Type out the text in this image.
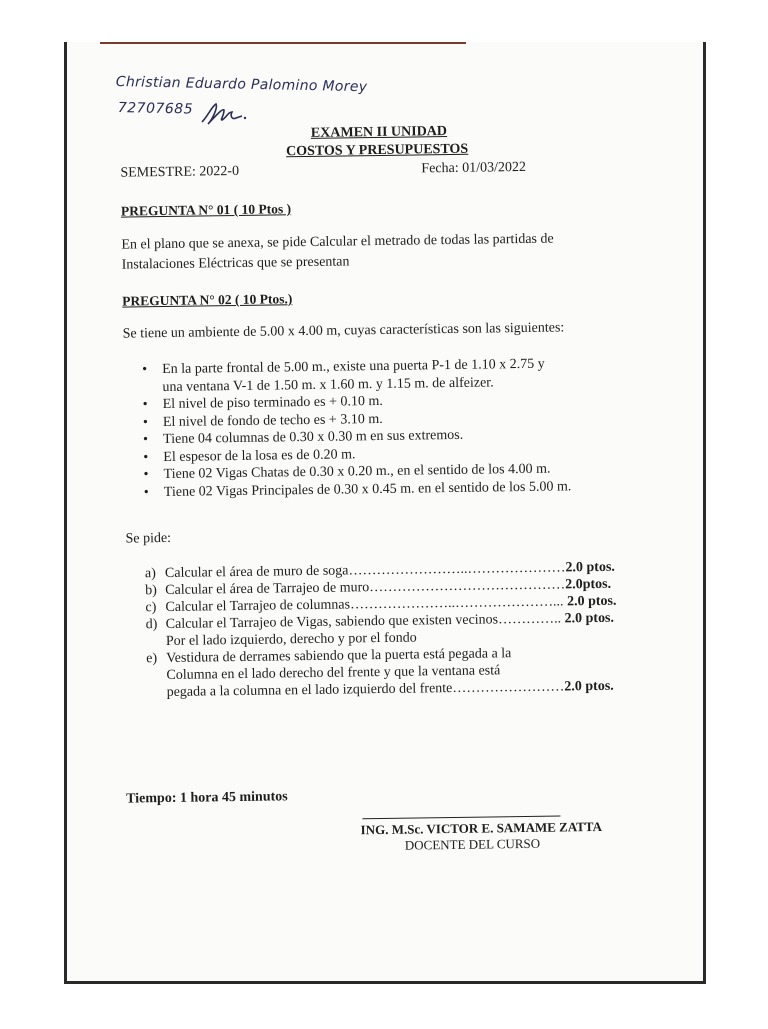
Christian Eduardo Palomino Morey
72707685
EXAMEN II UNIDAD
COSTOS Y PRESUPUESTOS
SEMESTRE: 2022-0	Fecha: 01/03/2022
PREGUNTA N° 01 ( 10 Ptos )
En el plano que se anexa, se pide Calcular el metrado de todas las partidas de
Instalaciones Eléctricas que se presentan
PREGUNTA N° 02 ( 10 Ptos.)
Se tiene un ambiente de 5.00 x 4.00 m, cuyas características son las siguientes:
• En la parte frontal de 5.00 m., existe una puerta P-1 de 1.10 x 2.75 y
una ventana V-1 de 1.50 m. x 1.60 m. y 1.15 m. de alfeizer.
• El nivel de piso terminado es + 0.10 m.
• El nivel de fondo de techo es + 3.10 m.
• Tiene 04 columnas de 0.30 x 0.30 m en sus extremos.
• El espesor de la losa es de 0.20 m.
• Tiene 02 Vigas Chatas de 0.30 x 0.20 m., en el sentido de los 4.00 m.
• Tiene 02 Vigas Principales de 0.30 x 0.45 m. en el sentido de los 5.00 m.
Se pide:
a) Calcular el área de muro de soga……………………..…………………2.0 ptos.
b) Calcular el área de Tarrajeo de muro……………………………………2.0ptos.
c) Calcular el Tarrajeo de columnas…………………..…………………... 2.0 ptos.
d) Calcular el Tarrajeo de Vigas, sabiendo que existen vecinos………….. 2.0 ptos.
Por el lado izquierdo, derecho y por el fondo
e) Vestidura de derrames sabiendo que la puerta está pegada a la
Columna en el lado derecho del frente y que la ventana está
pegada a la columna en el lado izquierdo del frente……………………2.0 ptos.
Tiempo: 1 hora 45 minutos
ING. M.Sc. VICTOR E. SAMAME ZATTA
DOCENTE DEL CURSO
